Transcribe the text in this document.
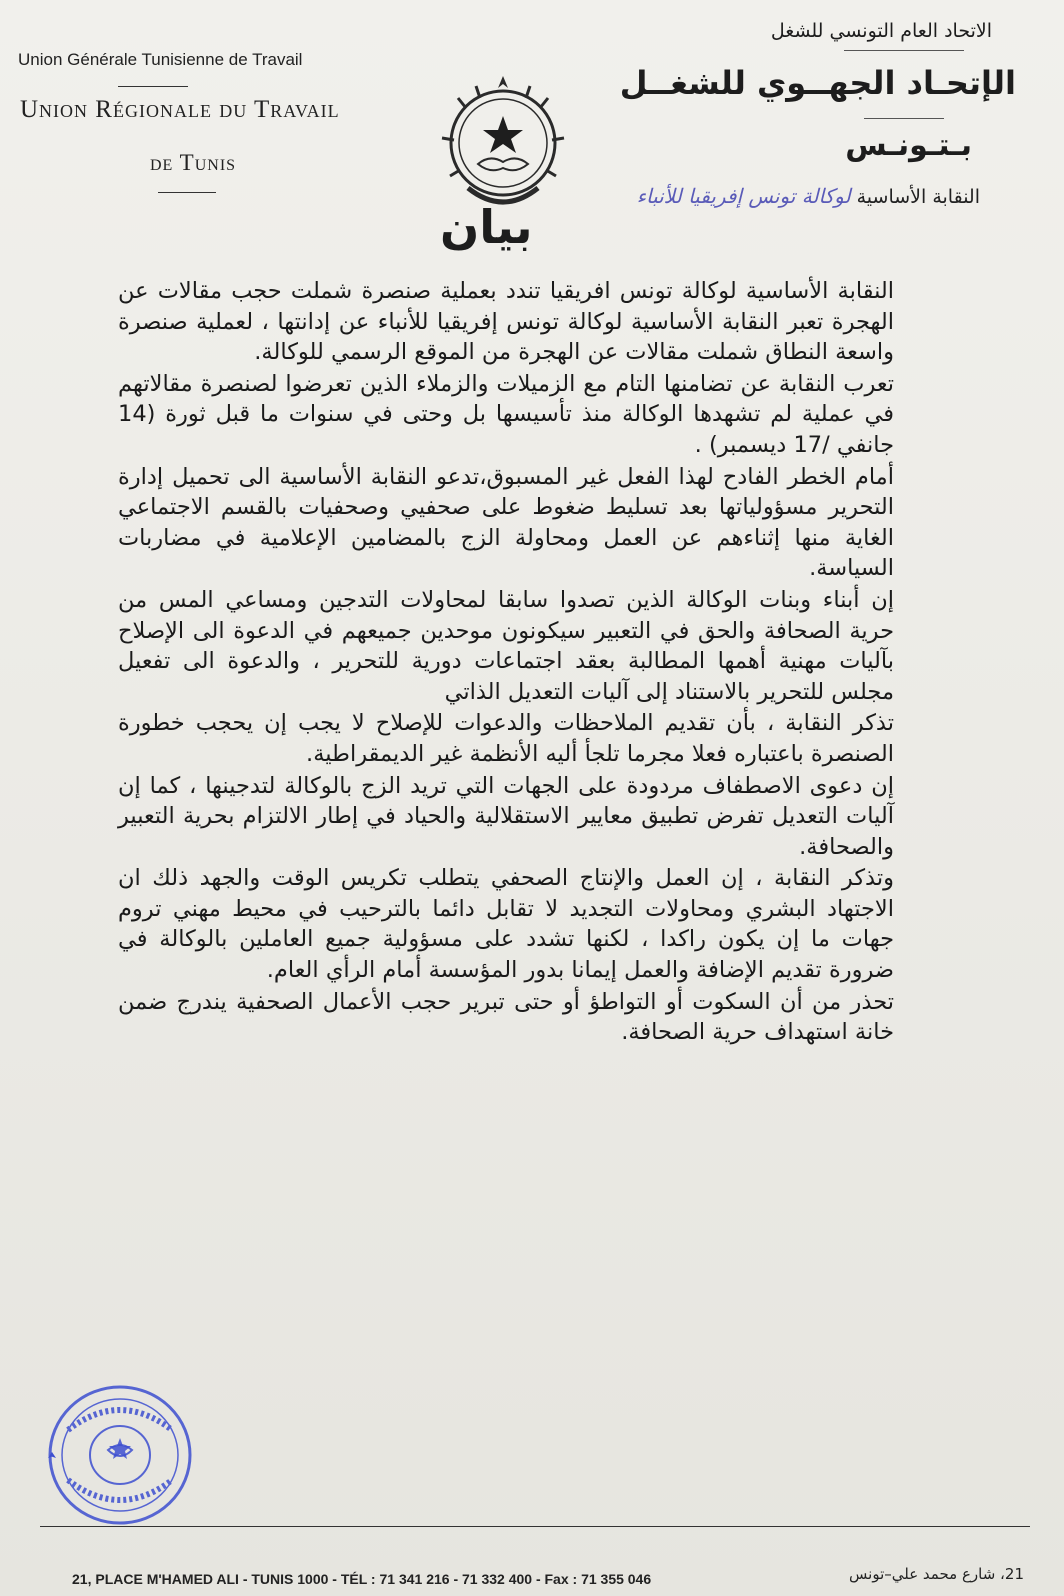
Union Générale Tunisienne de Travail
Union Régionale du Travail
de Tunis
الاتحاد العام التونسي للشغل
الإتحـاد الجهــوي للشغــل
بـتـونـس
النقابة الأساسية لوكالة تونس إفريقيا للأنباء
بيان

النقابة الأساسية لوكالة تونس افريقيا تندد بعملية صنصرة شملت حجب مقالات عن الهجرة تعبر النقابة الأساسية لوكالة تونس إفريقيا للأنباء عن إدانتها ، لعملية صنصرة واسعة النطاق شملت مقالات عن الهجرة من الموقع الرسمي للوكالة.

تعرب النقابة عن تضامنها التام مع الزميلات والزملاء الذين تعرضوا لصنصرة مقالاتهم في عملية لم تشهدها الوكالة منذ تأسيسها بل وحتى في سنوات ما قبل ثورة (14 جانفي /17 ديسمبر) .

أمام الخطر الفادح لهذا الفعل غير المسبوق،تدعو النقابة الأساسية الى تحميل إدارة التحرير مسؤولياتها بعد تسليط ضغوط على صحفيي وصحفيات بالقسم الاجتماعي الغاية منها إثناءهم عن العمل ومحاولة الزج بالمضامين الإعلامية في مضاربات السياسة.

إن أبناء وبنات الوكالة الذين تصدوا سابقا لمحاولات التدجين ومساعي المس من حرية الصحافة والحق في التعبير سيكونون موحدين جميعهم في الدعوة الى الإصلاح بآليات مهنية أهمها المطالبة بعقد اجتماعات دورية للتحرير ، والدعوة الى تفعيل مجلس للتحرير بالاستناد إلى آليات التعديل الذاتي

تذكر النقابة ، بأن تقديم الملاحظات والدعوات للإصلاح لا يجب إن يحجب خطورة الصنصرة باعتباره فعلا مجرما تلجأ أليه الأنظمة غير الديمقراطية.

إن دعوى الاصطفاف مردودة على الجهات التي تريد الزج بالوكالة لتدجينها ، كما إن آليات التعديل تفرض تطبيق معايير الاستقلالية والحياد في إطار الالتزام بحرية التعبير والصحافة.

وتذكر النقابة ، إن العمل والإنتاج الصحفي يتطلب تكريس الوقت والجهد ذلك ان الاجتهاد البشري ومحاولات التجديد لا تقابل دائما بالترحيب في محيط مهني تروم جهات ما إن يكون راكدا ، لكنها تشدد على مسؤولية جميع العاملين بالوكالة في ضرورة تقديم الإضافة والعمل إيمانا بدور المؤسسة أمام الرأي العام.

تحذر من أن السكوت أو التواطؤ أو حتى تبرير حجب الأعمال الصحفية يندرج ضمن خانة استهداف حرية الصحافة.

21, PLACE M'HAMED ALI - TUNIS 1000 - TÉL : 71 341 216 - 71 332 400 - Fax : 71 355 046	21، شارع محمد علي–تونس
